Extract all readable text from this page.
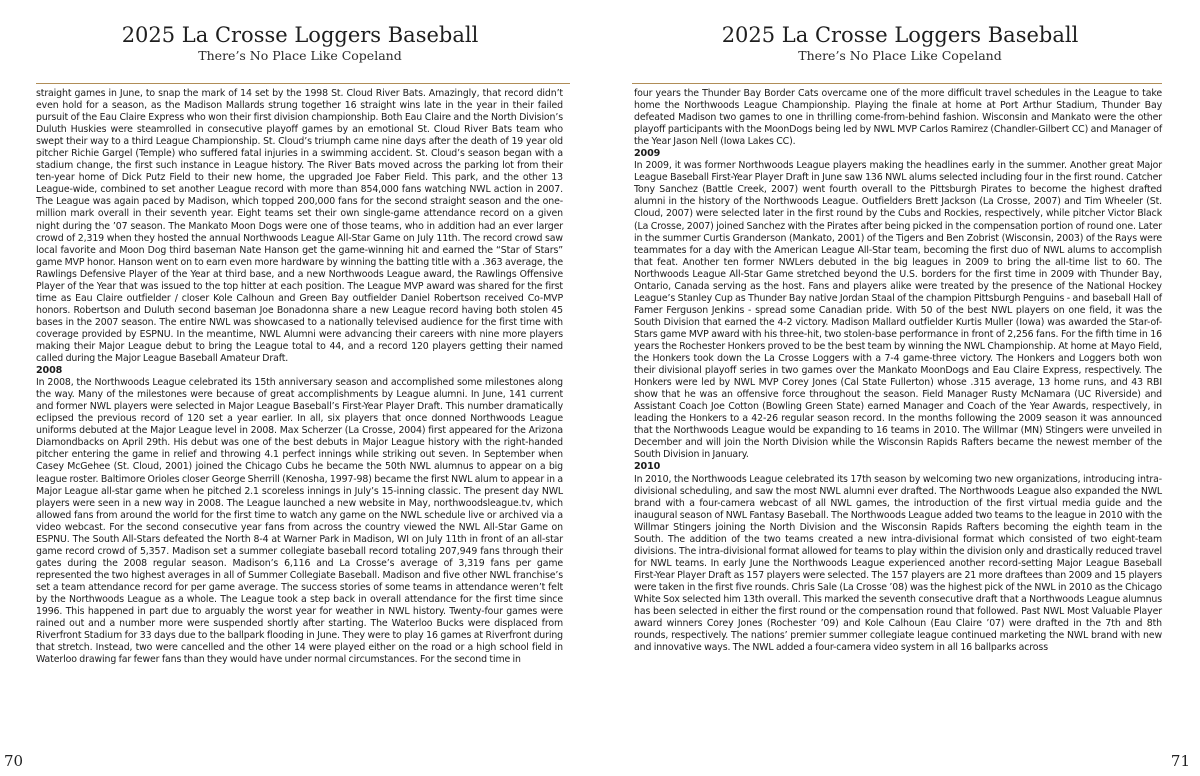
2025 La Crosse Loggers Baseball
There’s No Place Like Copeland

straight games in June, to snap the mark of 14 set by the 1998 St. Cloud River Bats. Amazingly, that record didn’t even hold for a season, as the Madison Mallards strung together 16 straight wins late in the year in their failed pursuit of the Eau Claire Express who won their first division championship. Both Eau Claire and the North Division’s Duluth Huskies were steamrolled in consecutive playoff games by an emotional St. Cloud River Bats team who swept their way to a third League Championship. St. Cloud’s triumph came nine days after the death of 19 year old pitcher Richie Gargel (Temple) who suffered fatal injuries in a swimming accident. St. Cloud’s season began with a stadium change, the first such instance in League history. The River Bats moved across the parking lot from their ten-year home of Dick Putz Field to their new home, the upgraded Joe Faber Field. This park, and the other 13 League-wide, combined to set another League record with more than 854,000 fans watching NWL action in 2007. The League was again paced by Madison, which topped 200,000 fans for the second straight season and the one-million mark overall in their seventh year. Eight teams set their own single-game attendance record on a given night during the ’07 season. The Mankato Moon Dogs were one of those teams, who in addition had an ever larger crowd of 2,319 when they hosted the annual Northwoods League All-Star Game on July 11th. The record crowd saw local favorite and Moon Dog third baseman Nate Hanson get the game-winning hit and earned the “Star of Stars” game MVP honor. Hanson went on to earn even more hardware by winning the batting title with a .363 average, the Rawlings Defensive Player of the Year at third base, and a new Northwoods League award, the Rawlings Offensive Player of the Year that was issued to the top hitter at each position. The League MVP award was shared for the first time as Eau Claire outfielder / closer Kole Calhoun and Green Bay outfielder Daniel Robertson received Co-MVP honors. Robertson and Duluth second baseman Joe Bonadonna share a new League record having both stolen 45 bases in the 2007 season. The entire NWL was showcased to a nationally televised audience for the first time with coverage provided by ESPNU. In the meantime, NWL Alumni were advancing their careers with nine more players making their Major League debut to bring the League total to 44, and a record 120 players getting their named called during the Major League Baseball Amateur Draft.

2008

In 2008, the Northwoods League celebrated its 15th anniversary season and accomplished some milestones along the way. Many of the milestones were because of great accomplishments by League alumni. In June, 141 current and former NWL players were selected in Major League Baseball’s First-Year Player Draft. This number dramatically eclipsed the previous record of 120 set a year earlier. In all, six players that once donned Northwoods League uniforms debuted at the Major League level in 2008. Max Scherzer (La Crosse, 2004) first appeared for the Arizona Diamondbacks on April 29th. His debut was one of the best debuts in Major League history with the right-handed pitcher entering the game in relief and throwing 4.1 perfect innings while striking out seven. In September when Casey McGehee (St. Cloud, 2001) joined the Chicago Cubs he became the 50th NWL alumnus to appear on a big league roster. Baltimore Orioles closer George Sherrill (Kenosha, 1997-98) became the first NWL alum to appear in a Major League all-star game when he pitched 2.1 scoreless innings in July’s 15-inning classic. The present day NWL players were seen in a new way in 2008. The League launched a new website in May, northwoodsleague.tv, which allowed fans from around the world for the first time to watch any game on the NWL schedule live or archived via a video webcast. For the second consecutive year fans from across the country viewed the NWL All-Star Game on ESPNU. The South All-Stars defeated the North 8-4 at Warner Park in Madison, WI on July 11th in front of an all-star game record crowd of 5,357. Madison set a summer collegiate baseball record totaling 207,949 fans through their gates during the 2008 regular season. Madison’s 6,116 and La Crosse’s average of 3,319 fans per game represented the two highest averages in all of Summer Collegiate Baseball. Madison and five other NWL franchise’s set a team attendance record for per game average. The success stories of some teams in attendance weren’t felt by the Northwoods League as a whole. The League took a step back in overall attendance for the first time since 1996. This happened in part due to arguably the worst year for weather in NWL history. Twenty-four games were rained out and a number more were suspended shortly after starting. The Waterloo Bucks were displaced from Riverfront Stadium for 33 days due to the ballpark flooding in June. They were to play 16 games at Riverfront during that stretch. Instead, two were cancelled and the other 14 were played either on the road or a high school field in Waterloo drawing far fewer fans than they would have under normal circumstances. For the second time in

70
2025 La Crosse Loggers Baseball
There’s No Place Like Copeland

four years the Thunder Bay Border Cats overcame one of the more difficult travel schedules in the League to take home the Northwoods League Championship. Playing the finale at home at Port Arthur Stadium, Thunder Bay defeated Madison two games to one in thrilling come-from-behind fashion. Wisconsin and Mankato were the other playoff participants with the MoonDogs being led by NWL MVP Carlos Ramirez (Chandler-Gilbert CC) and Manager of the Year Jason Nell (Iowa Lakes CC).

2009

In 2009, it was former Northwoods League players making the headlines early in the summer. Another great Major League Baseball First-Year Player Draft in June saw 136 NWL alums selected including four in the first round. Catcher Tony Sanchez (Battle Creek, 2007) went fourth overall to the Pittsburgh Pirates to become the highest drafted alumni in the history of the Northwoods League. Outfielders Brett Jackson (La Crosse, 2007) and Tim Wheeler (St. Cloud, 2007) were selected later in the first round by the Cubs and Rockies, respectively, while pitcher Victor Black (La Crosse, 2007) joined Sanchez with the Pirates after being picked in the compensation portion of round one. Later in the summer Curtis Granderson (Mankato, 2001) of the Tigers and Ben Zobrist (Wisconsin, 2003) of the Rays were teammates for a day with the American League All-Star team, becoming the first duo of NWL alums to accomplish that feat. Another ten former NWLers debuted in the big leagues in 2009 to bring the all-time list to 60. The Northwoods League All-Star Game stretched beyond the U.S. borders for the first time in 2009 with Thunder Bay, Ontario, Canada serving as the host. Fans and players alike were treated by the presence of the National Hockey League’s Stanley Cup as Thunder Bay native Jordan Staal of the champion Pittsburgh Penguins - and baseball Hall of Famer Ferguson Jenkins - spread some Canadian pride. With 50 of the best NWL players on one field, it was the South Division that earned the 4-2 victory. Madison Mallard outfielder Kurtis Muller (Iowa) was awarded the Star-of-Stars game MVP award with his three-hit, two stolen-base performance in front of 2,256 fans. For the fifth time in 16 years the Rochester Honkers proved to be the best team by winning the NWL Championship. At home at Mayo Field, the Honkers took down the La Crosse Loggers with a 7-4 game-three victory. The Honkers and Loggers both won their divisional playoff series in two games over the Mankato MoonDogs and Eau Claire Express, respectively. The Honkers were led by NWL MVP Corey Jones (Cal State Fullerton) whose .315 average, 13 home runs, and 43 RBI show that he was an offensive force throughout the season. Field Manager Rusty McNamara (UC Riverside) and Assistant Coach Joe Cotton (Bowling Green State) earned Manager and Coach of the Year Awards, respectively, in leading the Honkers to a 42-26 regular season record. In the months following the 2009 season it was announced that the Northwoods League would be expanding to 16 teams in 2010. The Willmar (MN) Stingers were unveiled in December and will join the North Division while the Wisconsin Rapids Rafters became the newest member of the South Division in January.

2010

In 2010, the Northwoods League celebrated its 17th season by welcoming two new organizations, introducing intra-divisional scheduling, and saw the most NWL alumni ever drafted. The Northwoods League also expanded the NWL brand with a four-camera webcast of all NWL games, the introduction of the first virtual media guide and the inaugural season of NWL Fantasy Baseball. The Northwoods League added two teams to the league in 2010 with the Willmar Stingers joining the North Division and the Wisconsin Rapids Rafters becoming the eighth team in the South. The addition of the two teams created a new intra-divisional format which consisted of two eight-team divisions. The intra-divisional format allowed for teams to play within the division only and drastically reduced travel for NWL teams. In early June the Northwoods League experienced another record-setting Major League Baseball First-Year Player Draft as 157 players were selected. The 157 players are 21 more draftees than 2009 and 15 players were taken in the first five rounds. Chris Sale (La Crosse ’08) was the highest pick of the NWL in 2010 as the Chicago White Sox selected him 13th overall. This marked the seventh consecutive draft that a Northwoods League alumnus has been selected in either the first round or the compensation round that followed. Past NWL Most Valuable Player award winners Corey Jones (Rochester ’09) and Kole Calhoun (Eau Claire ’07) were drafted in the 7th and 8th rounds, respectively. The nations’ premier summer collegiate league continued marketing the NWL brand with new and innovative ways. The NWL added a four-camera video system in all 16 ballparks across

71
